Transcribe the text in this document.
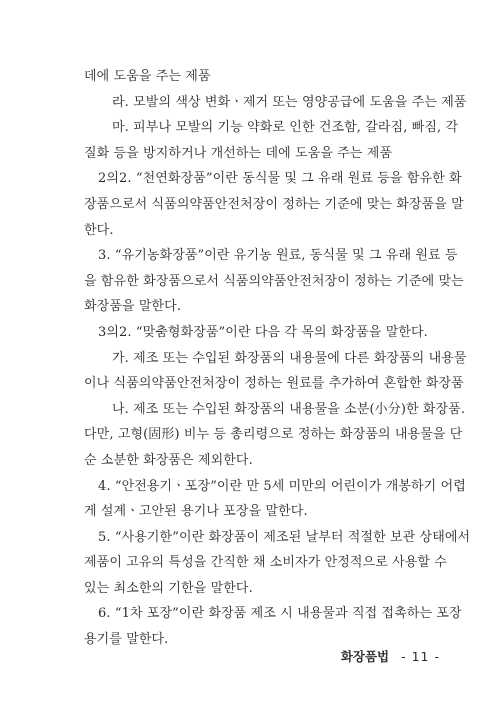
데에 도움을 주는 제품
라. 모발의 색상 변화ㆍ제거 또는 영양공급에 도움을 주는 제품
마. 피부나 모발의 기능 약화로 인한 건조함, 갈라짐, 빠짐, 각
질화 등을 방지하거나 개선하는 데에 도움을 주는 제품
2의2. “천연화장품”이란 동식물 및 그 유래 원료 등을 함유한 화
장품으로서 식품의약품안전처장이 정하는 기준에 맞는 화장품을 말
한다.
3. “유기농화장품”이란 유기농 원료, 동식물 및 그 유래 원료 등
을 함유한 화장품으로서 식품의약품안전처장이 정하는 기준에 맞는
화장품을 말한다.
3의2. “맞춤형화장품”이란 다음 각 목의 화장품을 말한다.
가. 제조 또는 수입된 화장품의 내용물에 다른 화장품의 내용물
이나 식품의약품안전처장이 정하는 원료를 추가하여 혼합한 화장품
나. 제조 또는 수입된 화장품의 내용물을 소분(小分)한 화장품.
다만, 고형(固形) 비누 등 총리령으로 정하는 화장품의 내용물을 단
순 소분한 화장품은 제외한다.
4. “안전용기ㆍ포장”이란 만 5세 미만의 어린이가 개봉하기 어렵
게 설계ㆍ고안된 용기나 포장을 말한다.
5. “사용기한”이란 화장품이 제조된 날부터 적절한 보관 상태에서
제품이 고유의 특성을 간직한 채 소비자가 안정적으로 사용할 수
있는 최소한의 기한을 말한다.
6. “1차 포장”이란 화장품 제조 시 내용물과 직접 접촉하는 포장
용기를 말한다.
화장품법 - 11 -
